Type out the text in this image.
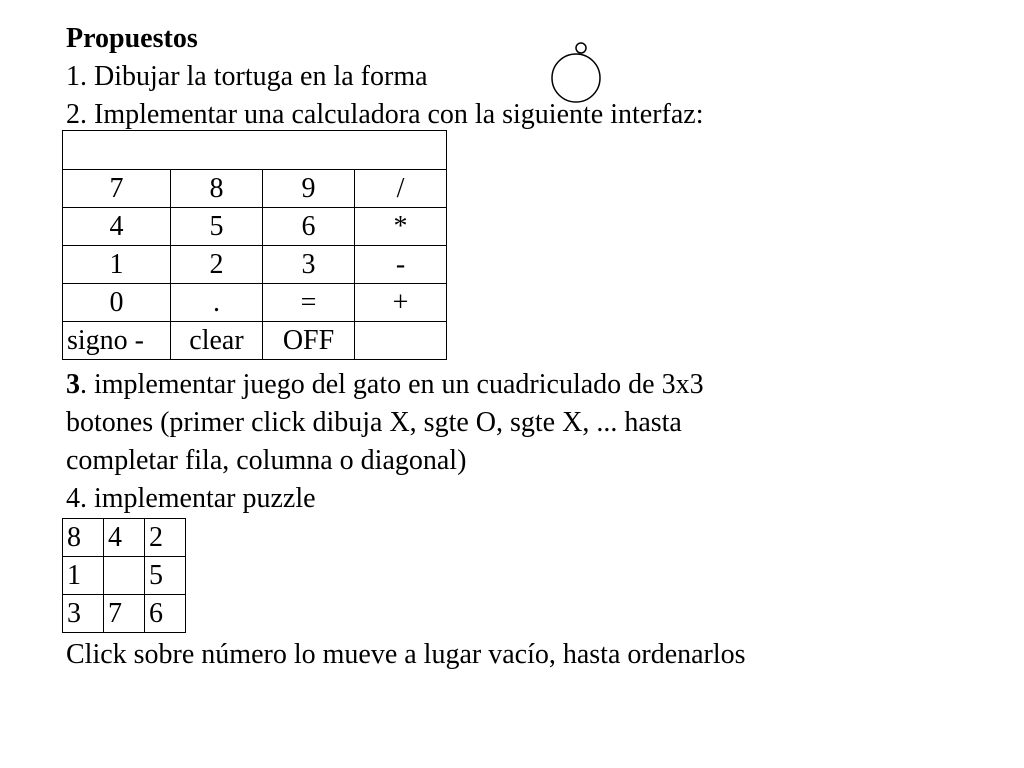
Propuestos

1. Dibujar la tortuga en la forma

2. Implementar una calculadora con la siguiente interfaz:

7	8	9	/
4	5	6	*
1	2	3	-
0	.	=	+
signo -	clear	OFF	

3. implementar juego del gato en un cuadriculado de 3x3

botones (primer click dibuja X, sgte O, sgte X, ... hasta

completar fila, columna o diagonal)

4. implementar puzzle

8	4	2
1		5
3	7	6

Click sobre número lo mueve a lugar vacío, hasta ordenarlos
